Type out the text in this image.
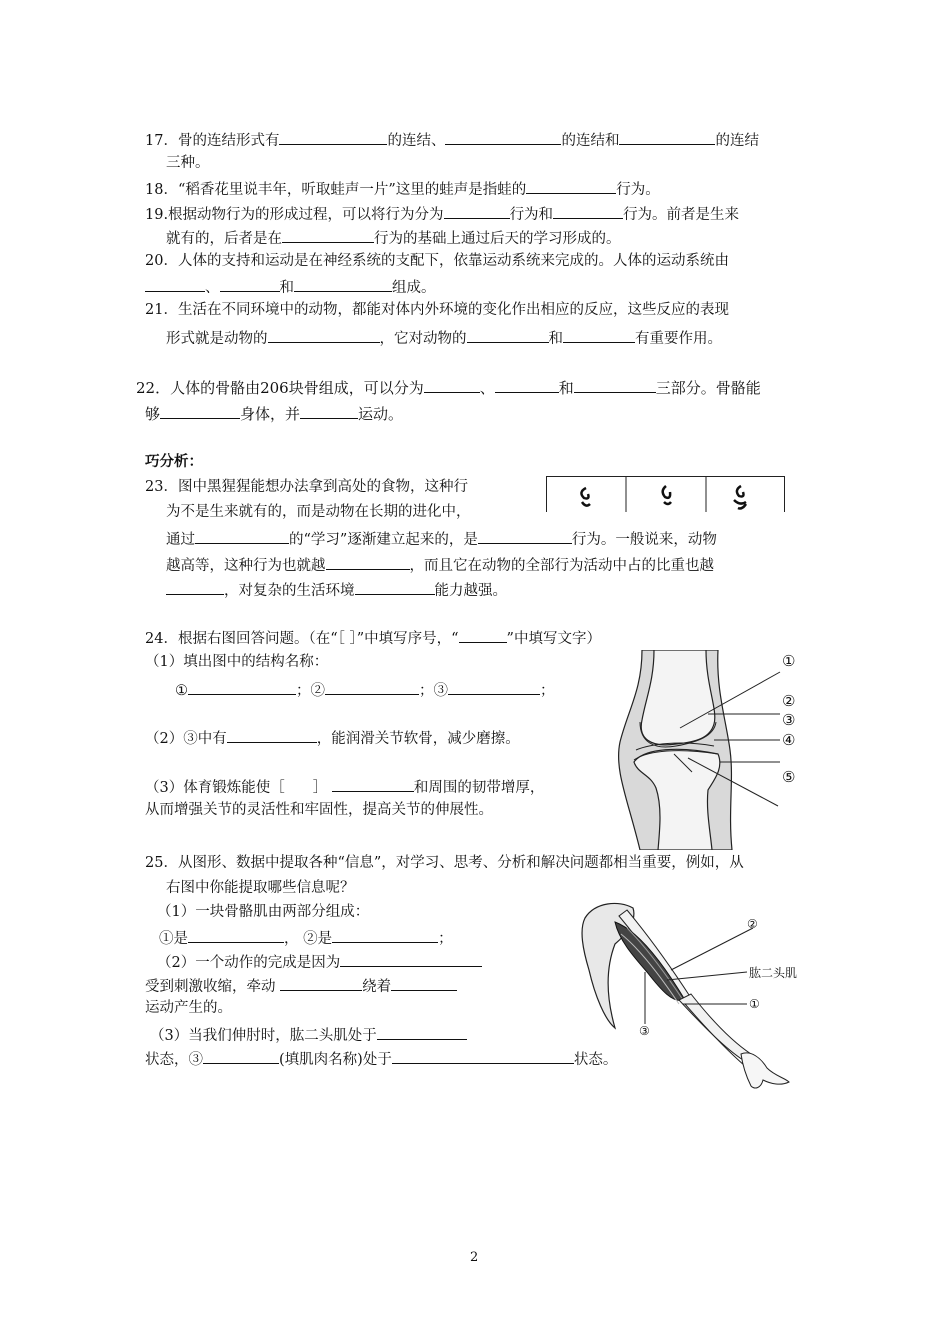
17．骨的连结形式有	的连结、	的连结和	的连结
三种。
18．“稻香花里说丰年，听取蛙声一片”这里的蛙声是指蛙的	行为。
19.根据动物行为的形成过程，可以将行为分为	行为和	行为。前者是生来
就有的，后者是在	行为的基础上通过后天的学习形成的。
20．人体的支持和运动是在神经系统的支配下，依靠运动系统来完成的。人体的运动系统由
、	和	组成。
21．生活在不同环境中的动物，都能对体内外环境的变化作出相应的反应，这些反应的表现
形式就是动物的	，它对动物的	和	有重要作用。
22．人体的骨骼由206块骨组成，可以分为	、	和	三部分。骨骼能
够	身体，并	运动。
巧分析：
23．图中黑猩猩能想办法拿到高处的食物，这种行
为不是生来就有的，而是动物在长期的进化中，
通过	的“学习”逐渐建立起来的，是	行为。一般说来，动物
越高等，这种行为也就越	，而且它在动物的全部行为活动中占的比重也越
，对复杂的生活环境	能力越强。
24．根据右图回答问题。（在“［ ］”中填写序号，“	”中填写文字）
（1）填出图中的结构名称：
①	；②	；③	；
（2）③中有	，能润滑关节软骨，减少磨擦。
（3）体育锻炼能使［ ］	和周围的韧带增厚，
从而增强关节的灵活性和牢固性，提高关节的伸展性。
①
②
③
④
⑤
25．从图形、数据中提取各种“信息”，对学习、思考、分析和解决问题都相当重要，例如，从
右图中你能提取哪些信息呢？
（1）一块骨骼肌由两部分组成：
①是	， ②是	；
（2）一个动作的完成是因为
受到刺激收缩，牵动	绕着
运动产生的。
（3）当我们伸肘时，肱二头肌处于
状态，③	(填肌肉名称)处于	状态。
②
肱二头肌
①
③
2
